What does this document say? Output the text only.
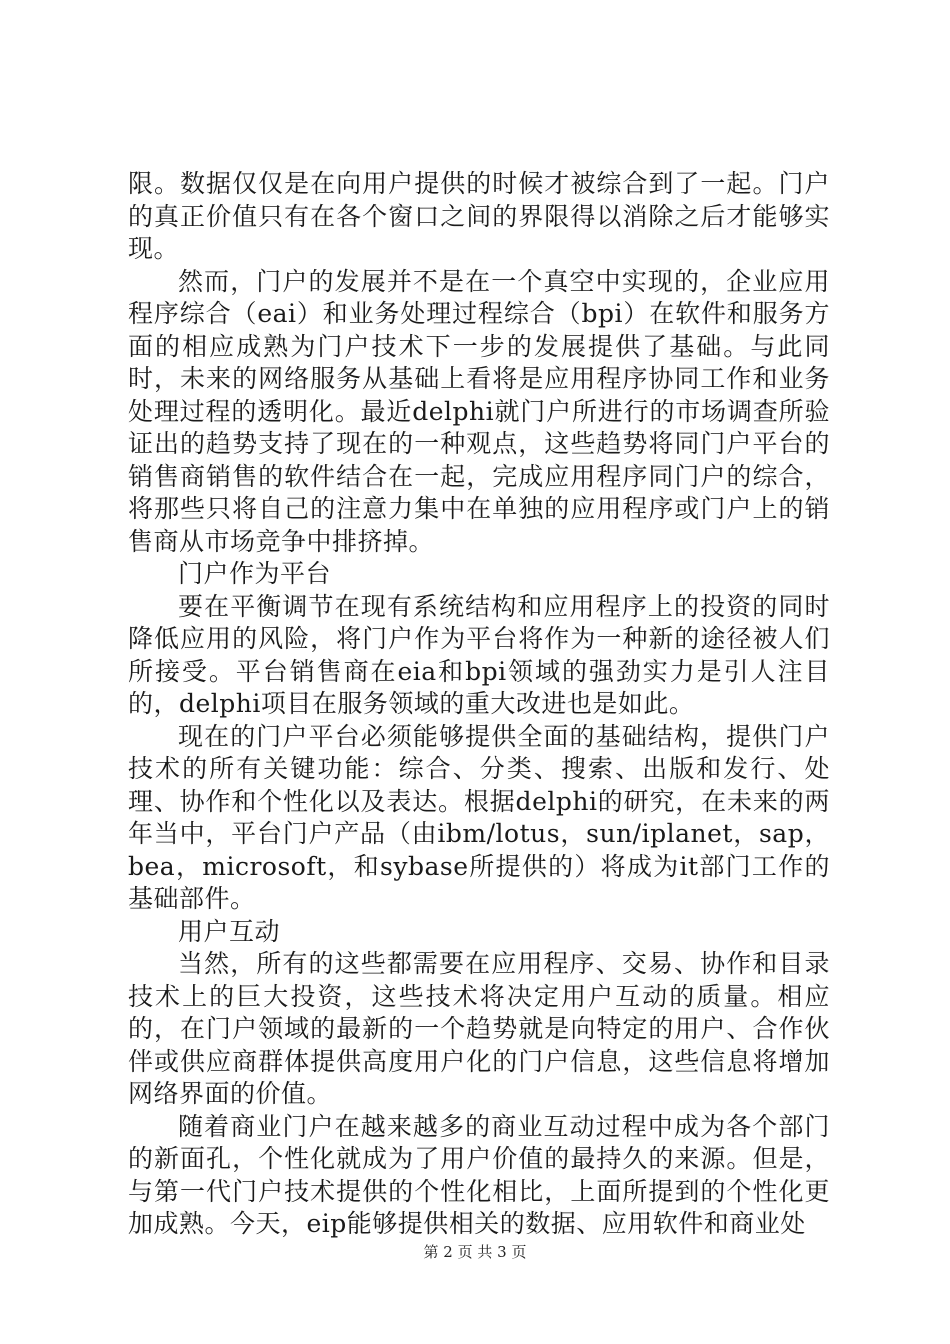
限。数据仅仅是在向用户提供的时候才被综合到了一起。门户的真正价值只有在各个窗口之间的界限得以消除之后才能够实现。

然而，门户的发展并不是在一个真空中实现的，企业应用程序综合（eai）和业务处理过程综合（bpi）在软件和服务方面的相应成熟为门户技术下一步的发展提供了基础。与此同时，未来的网络服务从基础上看将是应用程序协同工作和业务处理过程的透明化。最近delphi就门户所进行的市场调查所验证出的趋势支持了现在的一种观点，这些趋势将同门户平台的销售商销售的软件结合在一起，完成应用程序同门户的综合，将那些只将自己的注意力集中在单独的应用程序或门户上的销售商从市场竞争中排挤掉。

门户作为平台

要在平衡调节在现有系统结构和应用程序上的投资的同时降低应用的风险，将门户作为平台将作为一种新的途径被人们所接受。平台销售商在eia和bpi领域的强劲实力是引人注目的，delphi项目在服务领域的重大改进也是如此。

现在的门户平台必须能够提供全面的基础结构，提供门户技术的所有关键功能：综合、分类、搜索、出版和发行、处理、协作和个性化以及表达。根据delphi的研究，在未来的两年当中，平台门户产品（由ibm/lotus，sun/iplanet，sap，bea，microsoft，和sybase所提供的）将成为it部门工作的基础部件。

用户互动

当然，所有的这些都需要在应用程序、交易、协作和目录技术上的巨大投资，这些技术将决定用户互动的质量。相应的，在门户领域的最新的一个趋势就是向特定的用户、合作伙伴或供应商群体提供高度用户化的门户信息，这些信息将增加网络界面的价值。

随着商业门户在越来越多的商业互动过程中成为各个部门的新面孔，个性化就成为了用户价值的最持久的来源。但是，与第一代门户技术提供的个性化相比，上面所提到的个性化更加成熟。今天，eip能够提供相关的数据、应用软件和商业处

第 2 页 共 3 页
